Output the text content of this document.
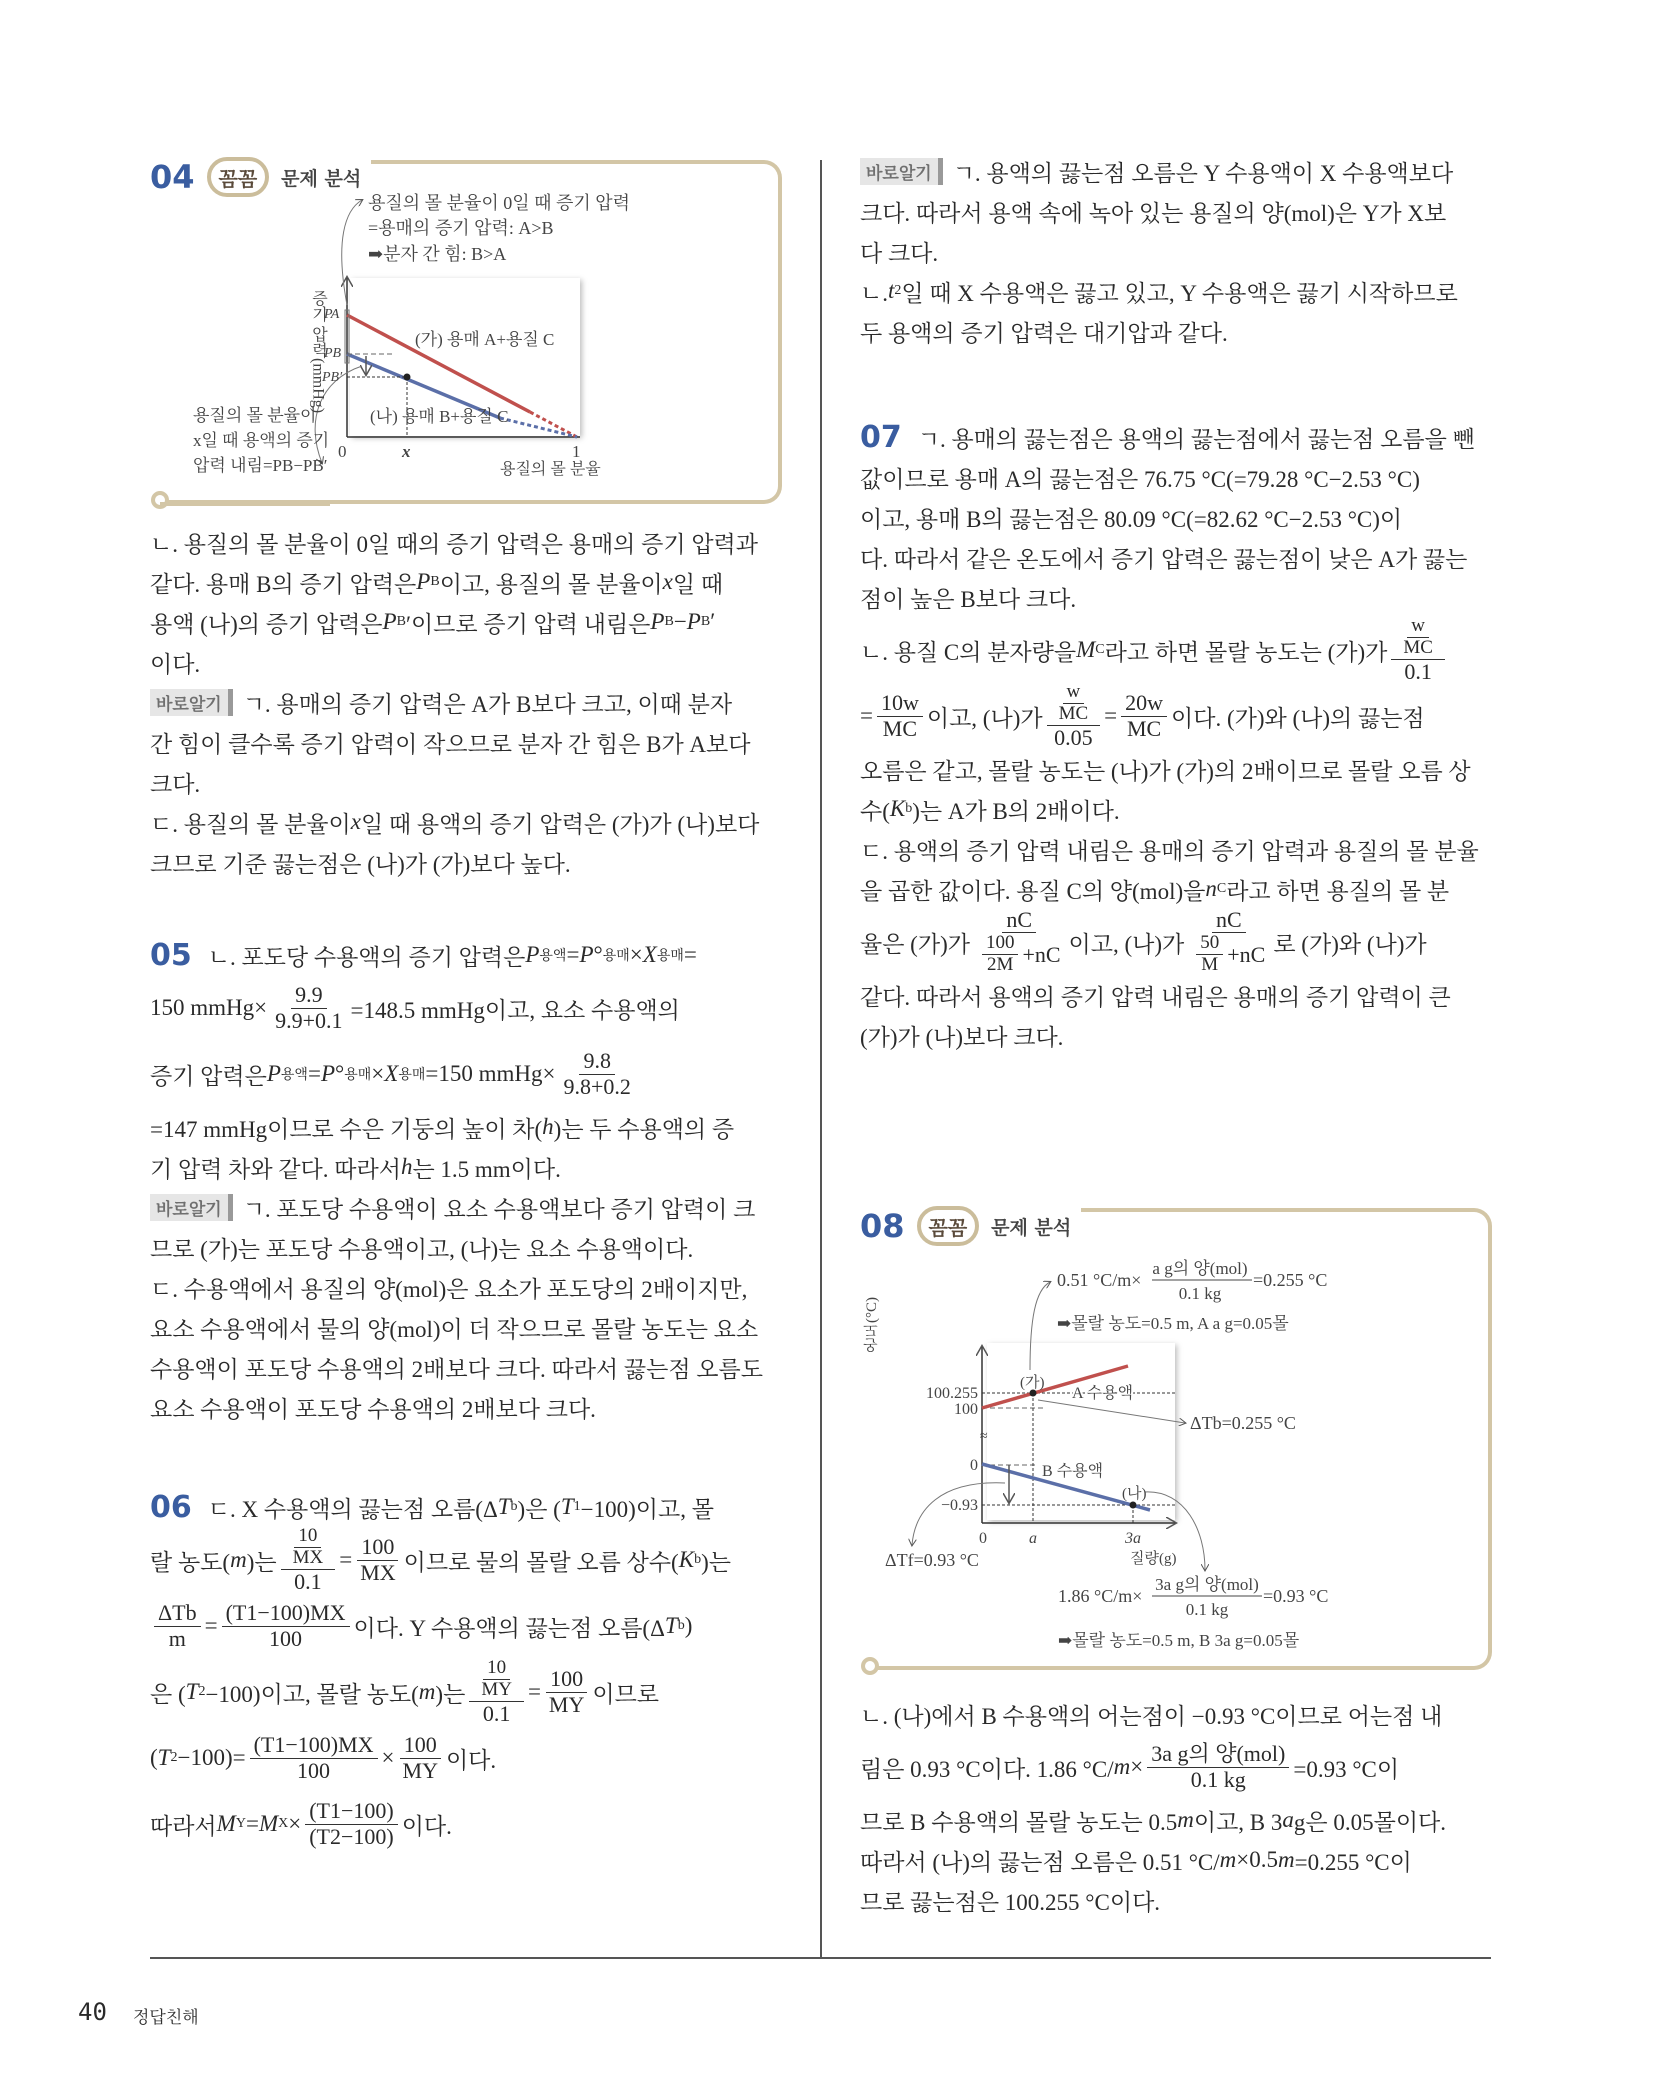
04	꼼꼼	문제 분석
08	꼼꼼	문제 분석
용질의 몰 분율이 0일 때 증기 압력
=용매의 증기 압력: A>B
➡분자 간 힘: B>A
용질의 몰 분율이
x일 때 용액의 증기
압력 내림=PB−PB′
증기 압력(mmHg)
용질의 몰 분율
0	x	1
PA
PB
PB′
(가) 용매 A+용질 C
(나) 용매 B+용질 C
온도(°C)
100.255
100
0
−0.93
≈
0	a	3a
질량(g)
(가)
(나)
A 수용액
B 수용액
0.51 °C/m×
a g의 양(mol)
0.1 kg
=0.255 °C
➡몰랄 농도=0.5 m, A a g=0.05몰
ΔTb=0.255 °C
ΔTf=0.93 °C
1.86 °C/m×
3a g의 양(mol)
0.1 kg
=0.93 °C
➡몰랄 농도=0.5 m, B 3a g=0.05몰
ㄴ. 용질의 몰 분율이 0일 때의 증기 압력은 용매의 증기 압력과
같다. 용매 B의 증기 압력은 P B 이고, 용질의 몰 분율이 x 일 때
용액 (나)의 증기 압력은 P B ′이므로 증기 압력 내림은 P B − P B ′
이다.
바로알기 ㄱ. 용매의 증기 압력은 A가 B보다 크고, 이때 분자
간 힘이 클수록 증기 압력이 작으므로 분자 간 힘은 B가 A보다
크다.
ㄷ. 용질의 몰 분율이 x 일 때 용액의 증기 압력은 (가)가 (나)보다
크므로 기준 끓는점은 (나)가 (가)보다 높다.
05 ㄴ. 포도당 수용액의 증기 압력은 P 용액 = P ° 용매 × X 용매 =
150 mmHg× $\frac{9.9}{9.9+0.1} =148.5$ mmHg이고, 요소 수용액의
증기 압력은 P 용액 = P ° 용매 × X 용매 =150 mmHg× $\frac{9.8}{9.8+0.2}$
=147 mmHg이므로 수은 기둥의 높이 차( h )는 두 수용액의 증
기 압력 차와 같다. 따라서 h 는 1.5 mm이다.
바로알기 ㄱ. 포도당 수용액이 요소 수용액보다 증기 압력이 크
므로 (가)는 포도당 수용액이고, (나)는 요소 수용액이다.
ㄷ. 수용액에서 용질의 양(mol)은 요소가 포도당의 2배이지만,
요소 수용액에서 물의 양(mol)이 더 작으므로 몰랄 농도는 요소
수용액이 포도당 수용액의 2배보다 크다. 따라서 끓는점 오름도
요소 수용액이 포도당 수용액의 2배보다 크다.
06 ㄷ. X 수용액의 끓는점 오름(Δ T b )은 ( T 1 −100)이고, 몰
랄 농도( m )는 $\frac{\frac{10}{MX}}{0.1} = \frac{100}{MX}$ 이므로 물의 몰랄 오름 상수( K b )는
$\frac{\text{ΔTb}}{m} = \frac{(T1-100)MX}{100}$ 이다. Y 수용액의 끓는점 오름(Δ T b )
은 ( T 2 −100)이고, 몰랄 농도( m )는 $\frac{\frac{10}{MY}}{0.1} = \frac{100}{MY}$ 이므로
( T $2 -100)= \frac{(T1-100)MX}{100} \times \frac{100}{MY}$ 이다.
따라서 M Y = M $X \times \frac{(T1-100)}{(T2-100)}$ 이다.
바로알기 ㄱ. 용액의 끓는점 오름은 Y 수용액이 X 수용액보다
크다. 따라서 용액 속에 녹아 있는 용질의 양(mol)은 Y가 X보
다 크다.
ㄴ. t 2 일 때 X 수용액은 끓고 있고, Y 수용액은 끓기 시작하므로
두 용액의 증기 압력은 대기압과 같다.
07 ㄱ. 용매의 끓는점은 용액의 끓는점에서 끓는점 오름을 뺀
값이므로 용매 A의 끓는점은 76.75 °C(=79.28 °C−2.53 °C)
이고, 용매 B의 끓는점은 80.09 °C(=82.62 °C−2.53 °C)이
다. 따라서 같은 온도에서 증기 압력은 끓는점이 낮은 A가 끓는
점이 높은 B보다 크다.
ㄴ. 용질 C의 분자량을 M C 라고 하면 몰랄 농도는 (가)가 $\frac{\frac{w}{MC}}{0.1}$
= $\frac{10w}{MC}$ 이고, (나)가 $\frac{\frac{w}{MC}}{0.05} = \frac{20w}{MC}$ 이다. (가)와 (나)의 끓는점
오름은 같고, 몰랄 농도는 (나)가 (가)의 2배이므로 몰랄 오름 상
수( K b )는 A가 B의 2배이다.
ㄷ. 용액의 증기 압력 내림은 용매의 증기 압력과 용질의 몰 분율
을 곱한 값이다. 용질 C의 양(mol)을 n C 라고 하면 용질의 몰 분
율은 (가)가 $\frac{nC}{\frac{100}{2M} +nC}$ 이고, (나)가 $\frac{nC}{\frac{50}{M} +nC}$ 로 (가)와 (나)가
같다. 따라서 용액의 증기 압력 내림은 용매의 증기 압력이 큰
(가)가 (나)보다 크다.
ㄴ. (나)에서 B 수용액의 어는점이 −0.93 °C이므로 어는점 내
림은 0.93 °C이다. 1.86 °C/ $m \times \frac{\text{3a g의 양(mol)}}{0.1 kg} =0.93$ °C이
므로 B 수용액의 몰랄 농도는 0.5 m 이고, B 3 a g은 0.05몰이다.
따라서 (나)의 끓는점 오름은 0.51 °C/ m ×0.5 m =0.255 °C이
므로 끓는점은 100.255 °C이다.
40 정답친해
